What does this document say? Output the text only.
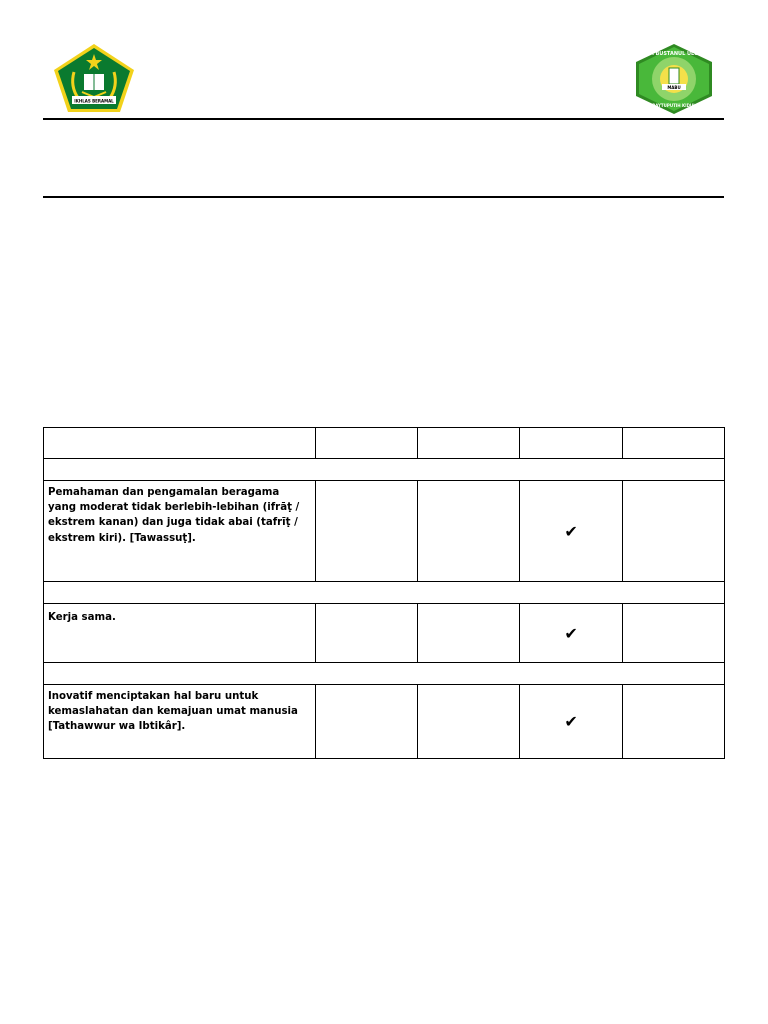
IKHLAS BERAMAL
MA BUSTANUL ULUM
MABU
BAYTUPUTIH KIDUL

Pemahaman dan pengamalan beragama yang moderat tidak berlebih-lebihan (ifrāṭ / ekstrem kanan) dan juga tidak abai (tafrīṭ / ekstrem kiri). [Tawassuṭ].			✔	

Kerja sama.			✔	

Inovatif menciptakan hal baru untuk kemaslahatan dan kemajuan umat manusia [Tathawwur wa Ibtikâr].			✔	
